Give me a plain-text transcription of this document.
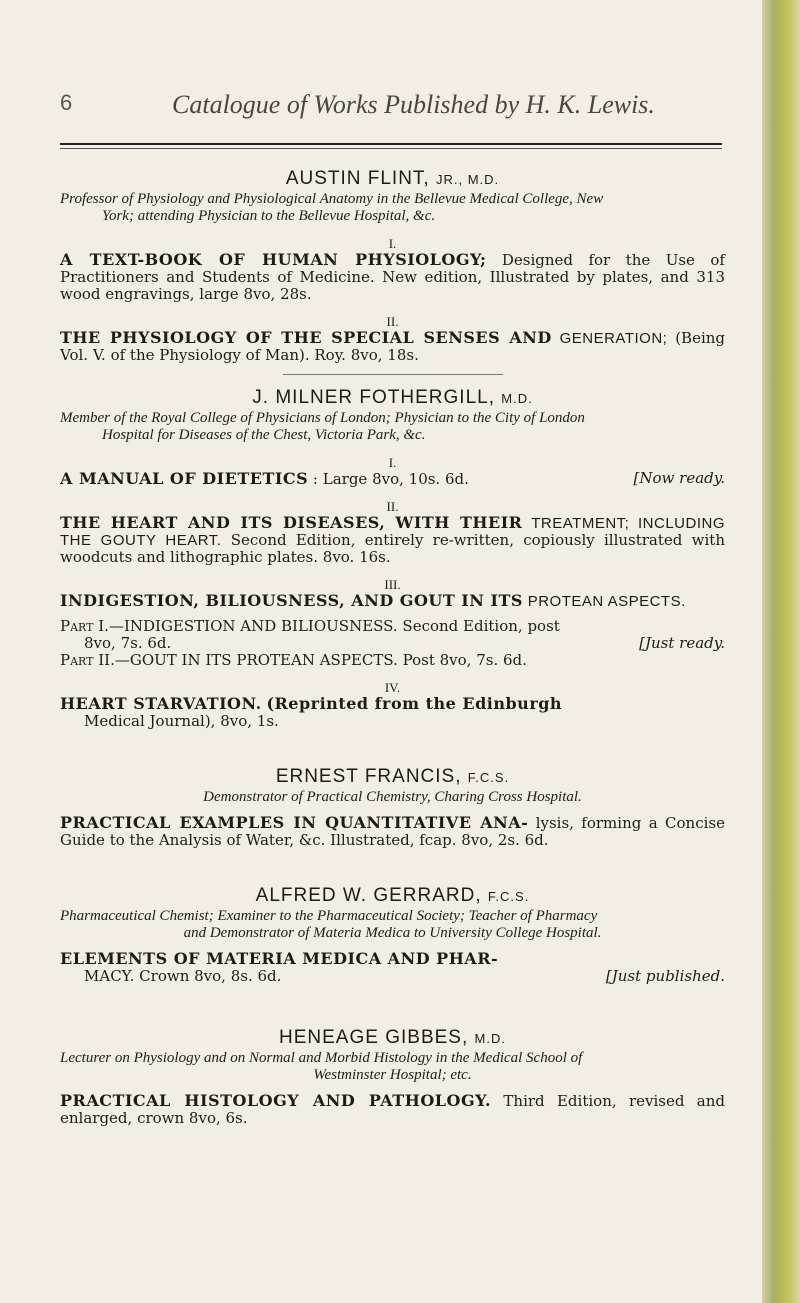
6	Catalogue of Works Published by H. K. Lewis.

AUSTIN FLINT, JR., M.D.

Professor of Physiology and Physiological Anatomy in the Bellevue Medical College, New

York; attending Physician to the Bellevue Hospital, &c.

I.

A TEXT-BOOK OF HUMAN PHYSIOLOGY; Designed for the Use of Practitioners and Students of Medicine. New edition, Illustrated by plates, and 313 wood engravings, large 8vo, 28s.

II.

THE PHYSIOLOGY OF THE SPECIAL SENSES AND GENERATION; (Being Vol. V. of the Physiology of Man). Roy. 8vo, 18s.

J. MILNER FOTHERGILL, M.D.

Member of the Royal College of Physicians of London; Physician to the City of London

Hospital for Diseases of the Chest, Victoria Park, &c.

I.

A MANUAL OF DIETETICS : Large 8vo, 10s. 6d.	[Now ready.

II.

THE HEART AND ITS DISEASES, WITH THEIR TREATMENT; INCLUDING THE GOUTY HEART. Second Edition, entirely re-written, copiously illustrated with woodcuts and lithographic plates. 8vo. 16s.

III.

INDIGESTION, BILIOUSNESS, AND GOUT IN ITS PROTEAN ASPECTS.

Part I.—INDIGESTION AND BILIOUSNESS. Second Edition, post

8vo, 7s. 6d.	[Just ready.

Part II.—GOUT IN ITS PROTEAN ASPECTS. Post 8vo, 7s. 6d.

IV.

HEART STARVATION. (Reprinted from the Edinburgh

Medical Journal), 8vo, 1s.

ERNEST FRANCIS, F.C.S.

Demonstrator of Practical Chemistry, Charing Cross Hospital.

PRACTICAL EXAMPLES IN QUANTITATIVE ANA- lysis, forming a Concise Guide to the Analysis of Water, &c. Illustrated, fcap. 8vo, 2s. 6d.

ALFRED W. GERRARD, F.C.S.

Pharmaceutical Chemist; Examiner to the Pharmaceutical Society; Teacher of Pharmacy

and Demonstrator of Materia Medica to University College Hospital.

ELEMENTS OF MATERIA MEDICA AND PHAR-

MACY. Crown 8vo, 8s. 6d.	[Just published.

HENEAGE GIBBES, M.D.

Lecturer on Physiology and on Normal and Morbid Histology in the Medical School of

Westminster Hospital; etc.

PRACTICAL HISTOLOGY AND PATHOLOGY. Third Edition, revised and enlarged, crown 8vo, 6s.
